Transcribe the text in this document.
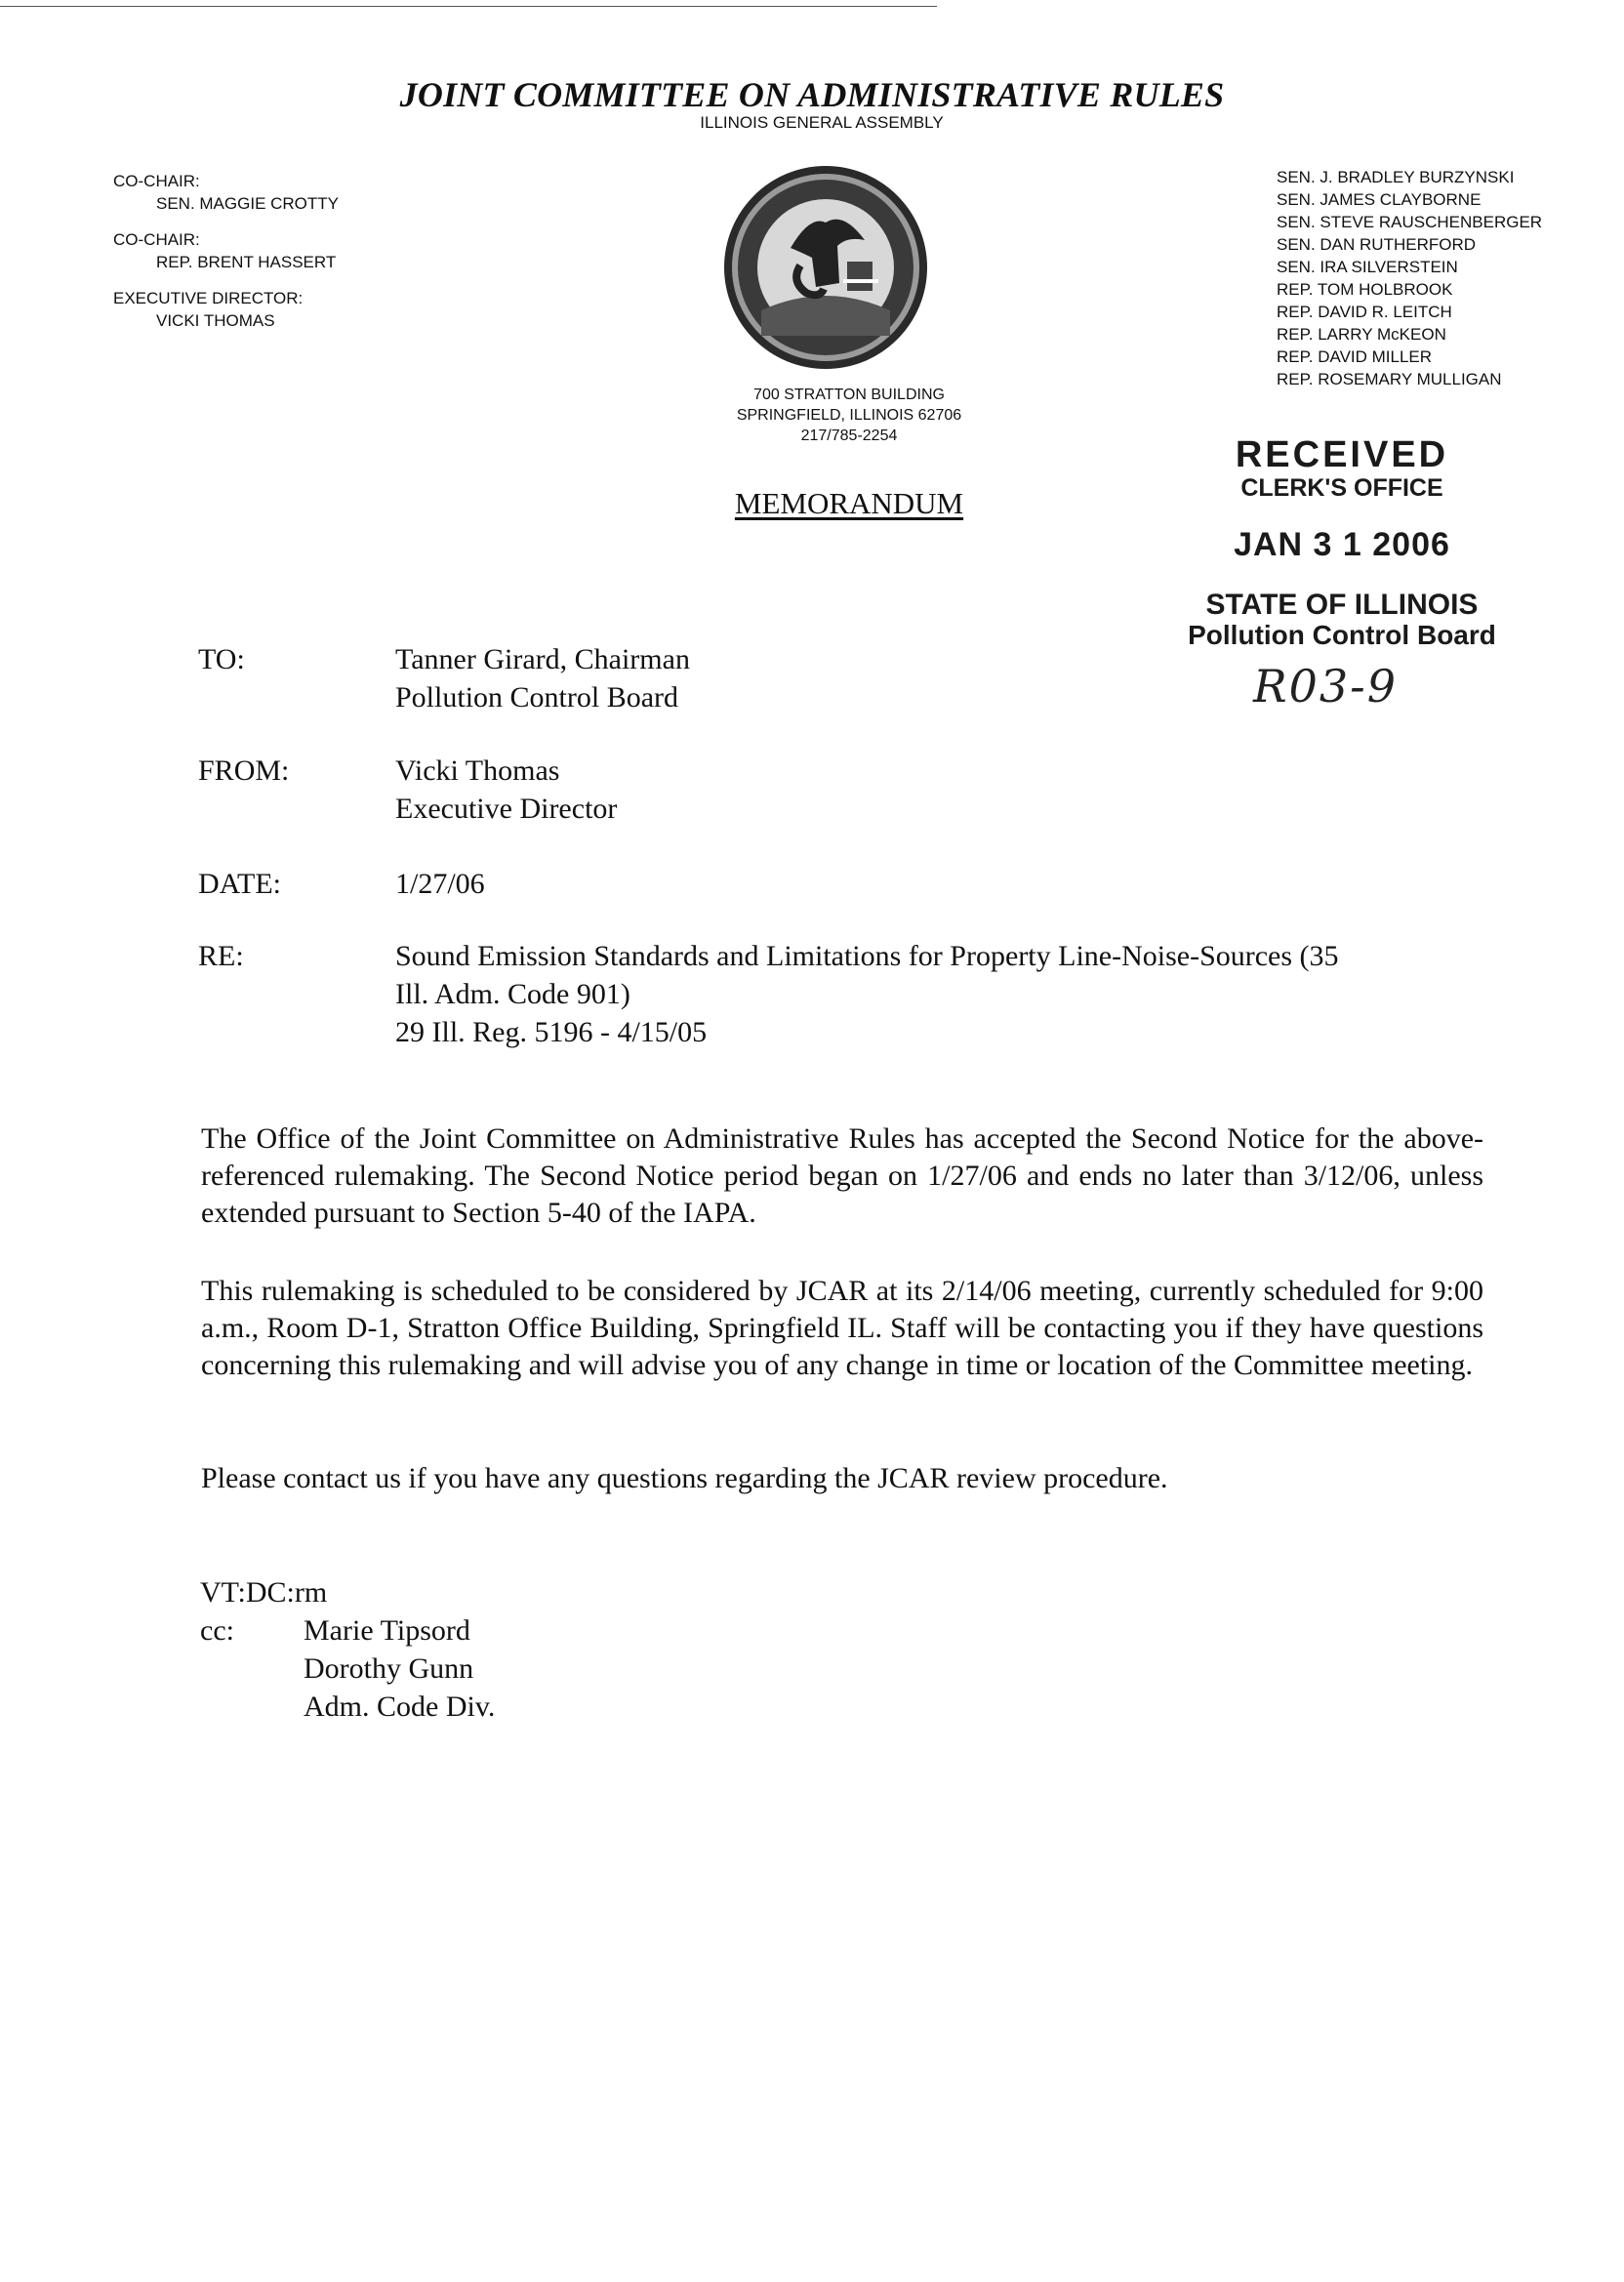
JOINT COMMITTEE ON ADMINISTRATIVE RULES
ILLINOIS GENERAL ASSEMBLY
CO-CHAIR:
SEN. MAGGIE CROTTY
CO-CHAIR:
REP. BRENT HASSERT
EXECUTIVE DIRECTOR:
VICKI THOMAS
SEN. J. BRADLEY BURZYNSKI
SEN. JAMES CLAYBORNE
SEN. STEVE RAUSCHENBERGER
SEN. DAN RUTHERFORD
SEN. IRA SILVERSTEIN
REP. TOM HOLBROOK
REP. DAVID R. LEITCH
REP. LARRY McKEON
REP. DAVID MILLER
REP. ROSEMARY MULLIGAN
700 STRATTON BUILDING
SPRINGFIELD, ILLINOIS 62706
217/785-2254
MEMORANDUM
RECEIVED
CLERK'S OFFICE
JAN 3 1 2006
STATE OF ILLINOIS
Pollution Control Board
R03-9
TO:	Tanner Girard, Chairman
Pollution Control Board
FROM:	Vicki Thomas
Executive Director
DATE:	1/27/06
RE:	Sound Emission Standards and Limitations for Property Line-Noise-Sources (35
Ill. Adm. Code 901)
29 Ill. Reg. 5196 - 4/15/05
The Office of the Joint Committee on Administrative Rules has accepted the Second Notice for the above-referenced rulemaking. The Second Notice period began on 1/27/06 and ends no later than 3/12/06, unless extended pursuant to Section 5-40 of the IAPA.
This rulemaking is scheduled to be considered by JCAR at its 2/14/06 meeting, currently scheduled for 9:00 a.m., Room D-1, Stratton Office Building, Springfield IL. Staff will be contacting you if they have questions concerning this rulemaking and will advise you of any change in time or location of the Committee meeting.
Please contact us if you have any questions regarding the JCAR review procedure.
VT:DC:rm
cc:	Marie Tipsord
Dorothy Gunn
Adm. Code Div.
